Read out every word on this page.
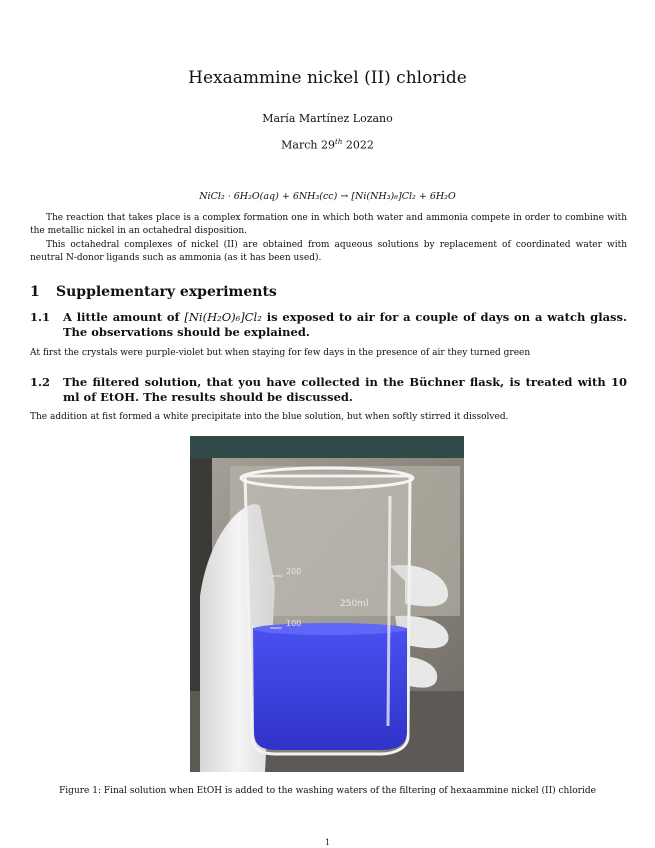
Hexaammine nickel (II) chloride
María Martínez Lozano
March 29th 2022
NiCl₂ · 6H₂O(aq) + 6NH₃(cc) → [Ni(NH₃)₆]Cl₂ + 6H₂O
The reaction that takes place is a complex formation one in which both water and ammonia compete in order to combine with the metallic nickel in an octahedral disposition.
This octahedral complexes of nickel (II) are obtained from aqueous solutions by replacement of coordinated water with neutral N-donor ligands such as ammonia (as it has been used).
1 Supplementary experiments
1.1 A little amount of [Ni(H₂O)₆]Cl₂ is exposed to air for a couple of days on a watch glass. The observations should be explained.
At first the crystals were purple-violet but when staying for few days in the presence of air they turned green
1.2 The filtered solution, that you have collected in the Büchner flask, is treated with 10 ml of EtOH. The results should be discussed.
The addition at fist formed a white precipitate into the blue solution, but when softly stirred it dissolved.
250ml
200
100
Figure 1: Final solution when EtOH is added to the washing waters of the filtering of hexaammine nickel (II) chloride
1
